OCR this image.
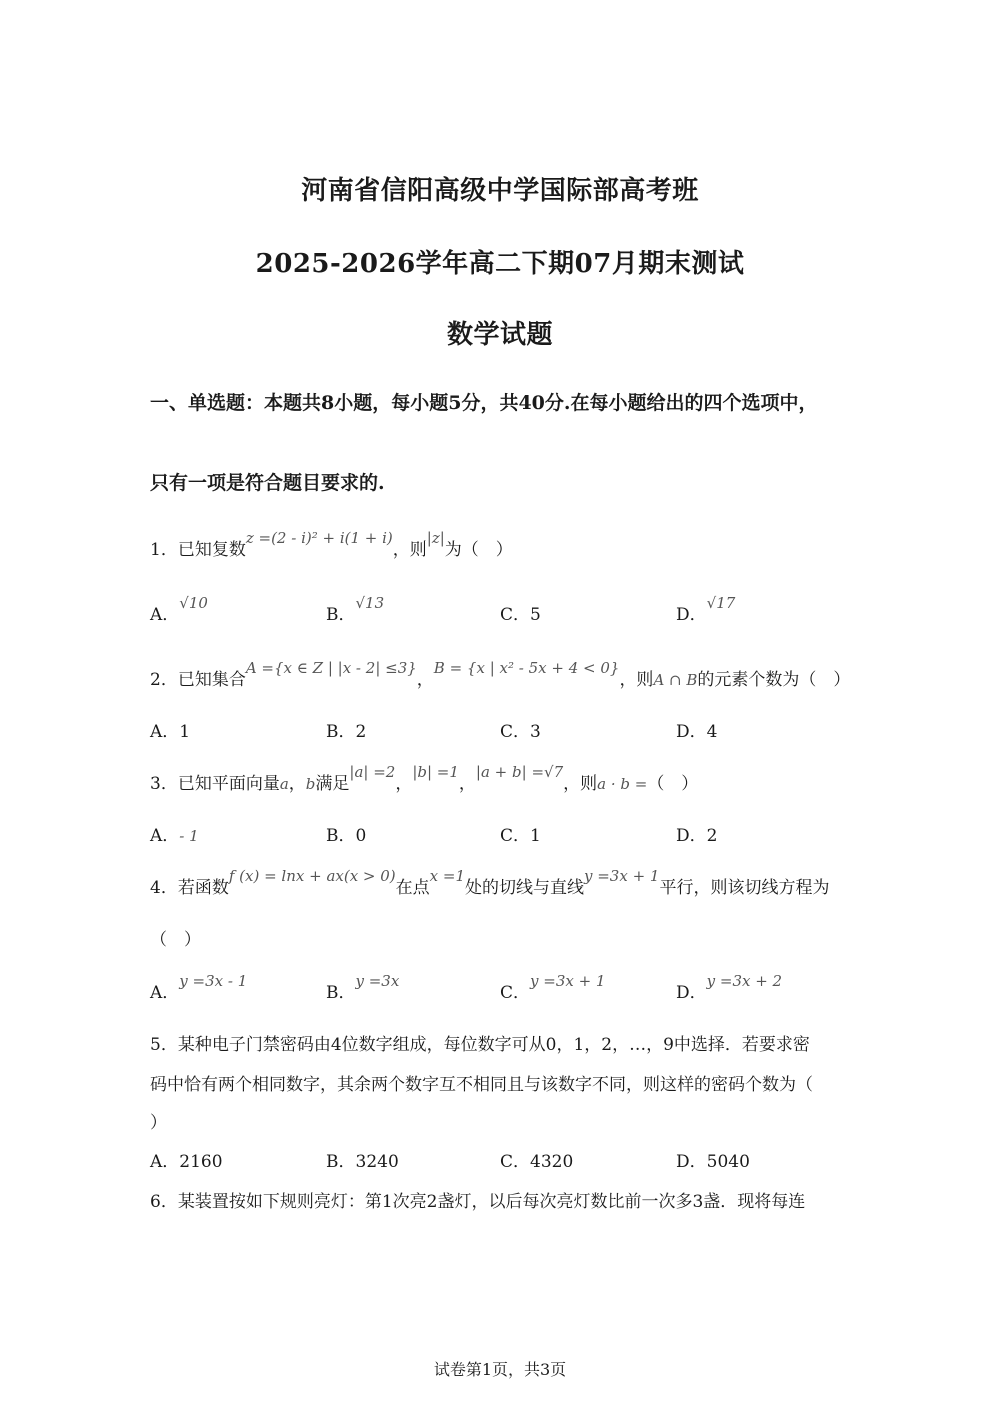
河南省信阳高级中学国际部高考班
2025-2026学年高二下期07月期末测试
数学试题
一、单选题：本题共8小题，每小题5分，共40分.在每小题给出的四个选项中，
只有一项是符合题目要求的.
1．已知复数z =(2 - i)² + i(1 + i)，则|z|为（　）
A．√10
B．√13
C．5	D．√17
2．已知集合A ={x ∈ Z | |x - 2| ≤3}，B = {x | x² - 5x + 4 < 0}，则A ∩ B的元素个数为（　）
A．1	B．2	C．3	D．4
3．已知平面向量a，b满足|a| =2，|b| =1，|a + b| =√7，则a · b =（　）
A．- 1	B．0	C．1	D．2
4．若函数f (x) = lnx + ax(x > 0)在点x =1处的切线与直线y =3x + 1平行，则该切线方程为
（　）
A．y =3x - 1
B．y =3x
C．y =3x + 1
D．y =3x + 2
5．某种电子门禁密码由4位数字组成，每位数字可从0，1，2，…，9中选择．若要求密
码中恰有两个相同数字，其余两个数字互不相同且与该数字不同，则这样的密码个数为（
）
A．2160	B．3240	C．4320	D．5040
6．某装置按如下规则亮灯：第1次亮2盏灯，以后每次亮灯数比前一次多3盏．现将每连
试卷第1页，共3页
